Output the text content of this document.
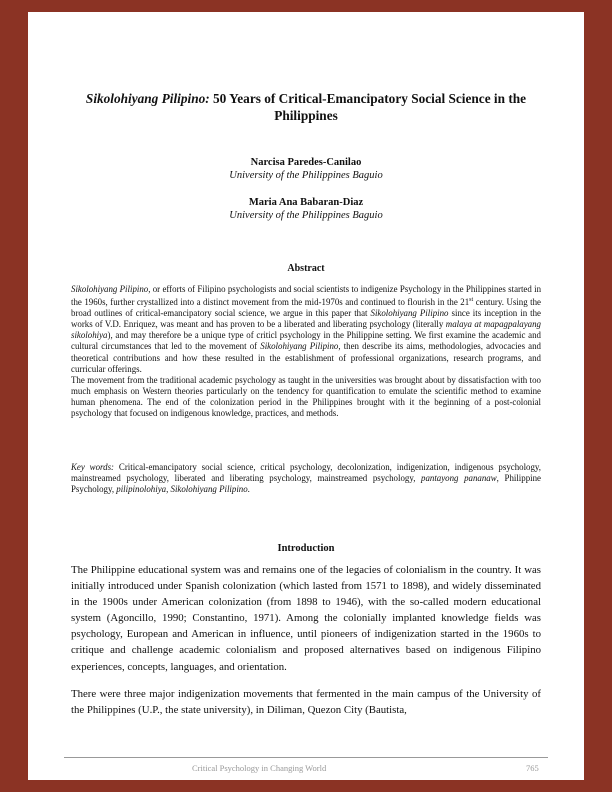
Sikolohiyang Pilipino: 50 Years of Critical-Emancipatory Social Science in the Philippines
Narcisa Paredes-Canilao
University of the Philippines Baguio
Maria Ana Babaran-Diaz
University of the Philippines Baguio
Abstract

Sikolohiyang Pilipino, or efforts of Filipino psychologists and social scientists to indigenize Psychology in the Philippines started in the 1960s, further crystallized into a distinct movement from the mid-1970s and continued to flourish in the 21st century. Using the broad outlines of critical-emancipatory social science, we argue in this paper that Sikolohiyang Pilipino since its inception in the works of V.D. Enriquez, was meant and has proven to be a liberated and liberating psychology (literally malaya at mapagpalayang sikolohiya), and may therefore be a unique type of criticl psychology in the Philippine setting. We first examine the academic and cultural circumstances that led to the movement of Sikolohiyang Pilipino, then describe its aims, methodologies, advocacies and theoretical contributions and how these resulted in the establishment of professional organizations, research programs, and curricular offerings.

The movement from the traditional academic psychology as taught in the universities was brought about by dissatisfaction with too much emphasis on Western theories particularly on the tendency for quantification to emulate the scientific method to examine human phenomena. The end of the colonization period in the Philippines brought with it the beginning of a post-colonial psychology that focused on indigenous knowledge, practices, and methods.

Key words: Critical-emancipatory social science, critical psychology, decolonization, indigenization, indigenous psychology, mainstreamed psychology, liberated and liberating psychology, mainstreamed psychology, pantayong pananaw, Philippine Psychology, pilipinolohiya, Sikolohiyang Pilipino.
Introduction

The Philippine educational system was and remains one of the legacies of colonialism in the country. It was initially introduced under Spanish colonization (which lasted from 1571 to 1898), and widely disseminated in the 1900s under American colonization (from 1898 to 1946), with the so-called modern educational system (Agoncillo, 1990; Constantino, 1971). Among the colonially implanted knowledge fields was psychology, European and American in influence, until pioneers of indigenization started in the 1960s to critique and challenge academic colonialism and proposed alternatives based on indigenous Filipino experiences, concepts, languages, and orientation.

There were three major indigenization movements that fermented in the main campus of the University of the Philippines (U.P., the state university), in Diliman, Quezon City (Bautista,

Critical Psychology in Changing World	765
